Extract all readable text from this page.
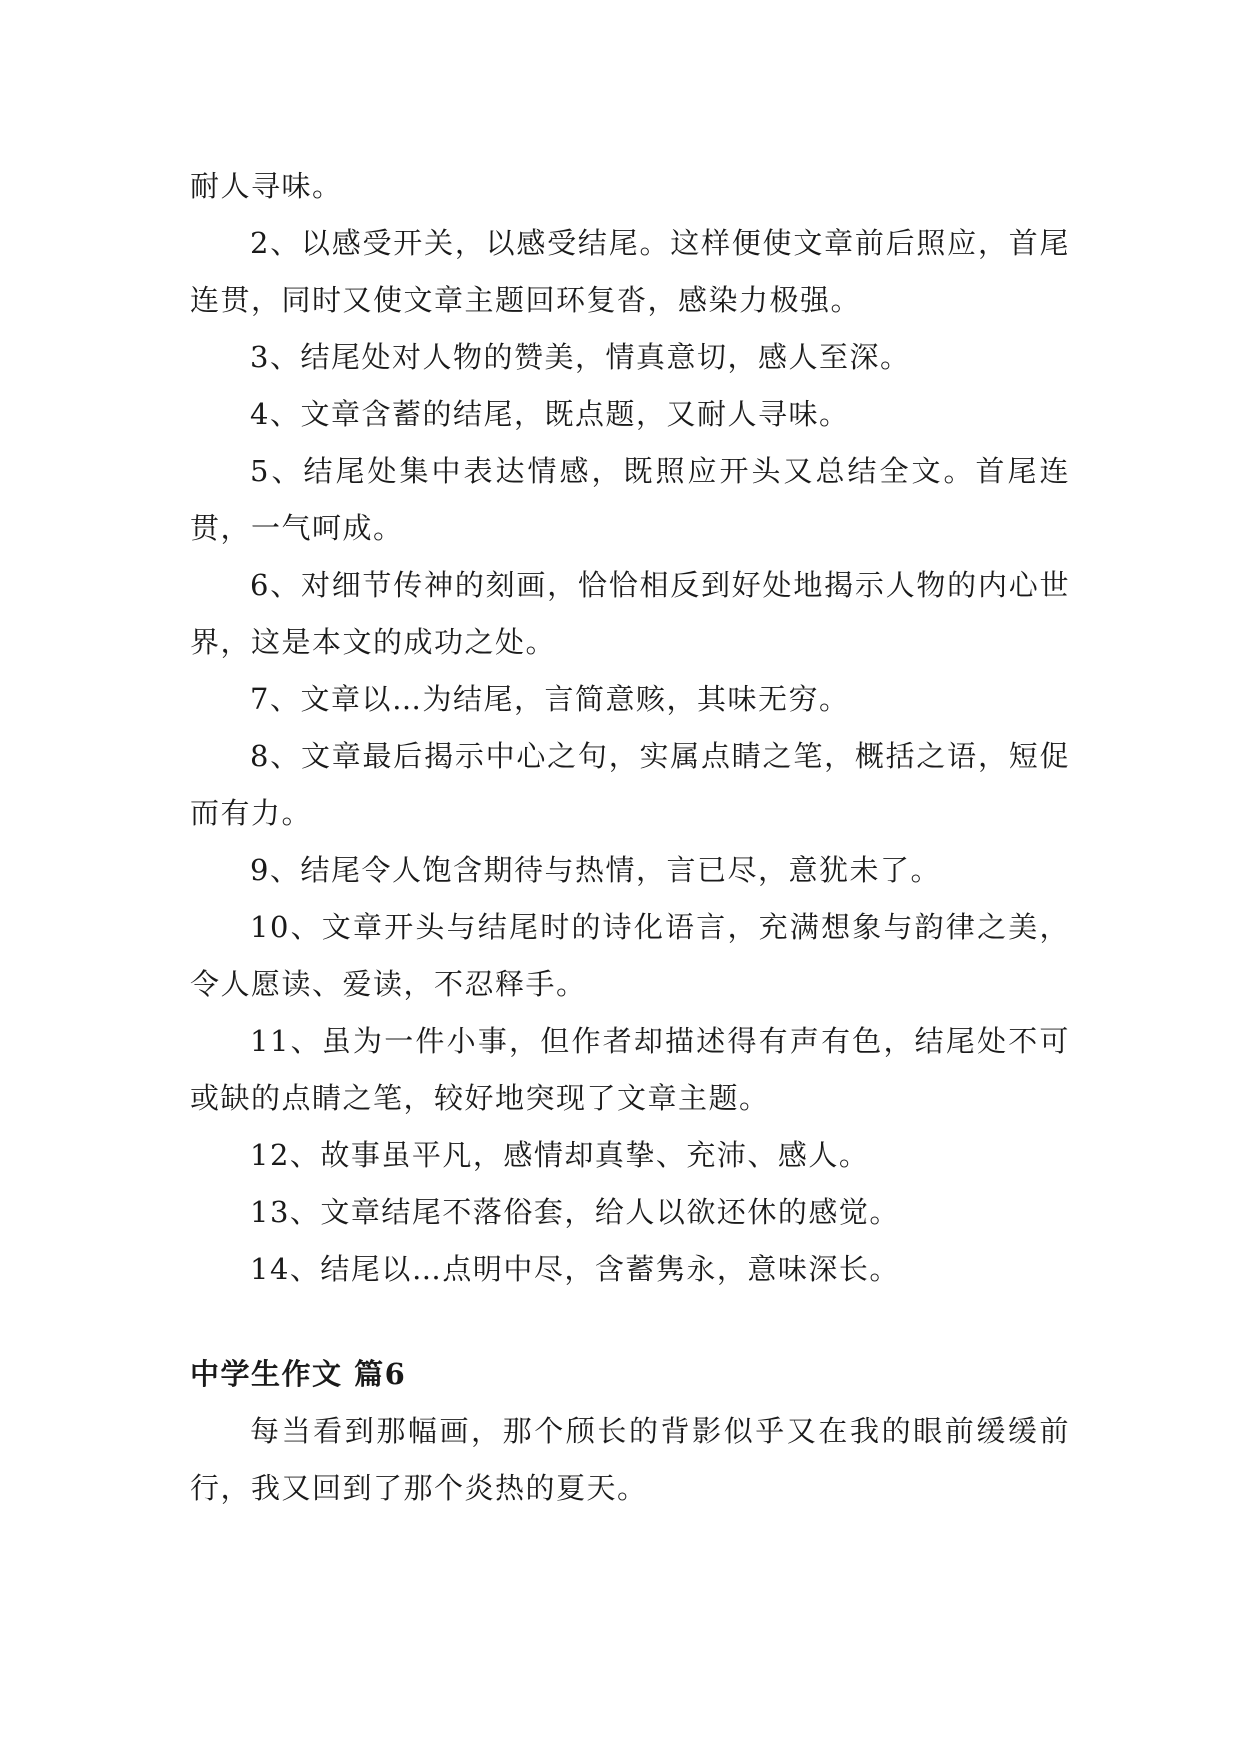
耐人寻味。

2、以感受开关，以感受结尾。这样便使文章前后照应，首尾连贯，同时又使文章主题回环复沓，感染力极强。

3、结尾处对人物的赞美，情真意切，感人至深。

4、文章含蓄的结尾，既点题，又耐人寻味。

5、结尾处集中表达情感，既照应开头又总结全文。首尾连贯，一气呵成。

6、对细节传神的刻画，恰恰相反到好处地揭示人物的内心世界，这是本文的成功之处。

7、文章以…为结尾，言简意赅，其味无穷。

8、文章最后揭示中心之句，实属点睛之笔，概括之语，短促而有力。

9、结尾令人饱含期待与热情，言已尽，意犹未了。

10、文章开头与结尾时的诗化语言，充满想象与韵律之美，令人愿读、爱读，不忍释手。

11、虽为一件小事，但作者却描述得有声有色，结尾处不可或缺的点睛之笔，较好地突现了文章主题。

12、故事虽平凡，感情却真挚、充沛、感人。

13、文章结尾不落俗套，给人以欲还休的感觉。

14、结尾以…点明中尽，含蓄隽永，意味深长。

中学生作文 篇6

每当看到那幅画，那个颀长的背影似乎又在我的眼前缓缓前行，我又回到了那个炎热的夏天。
